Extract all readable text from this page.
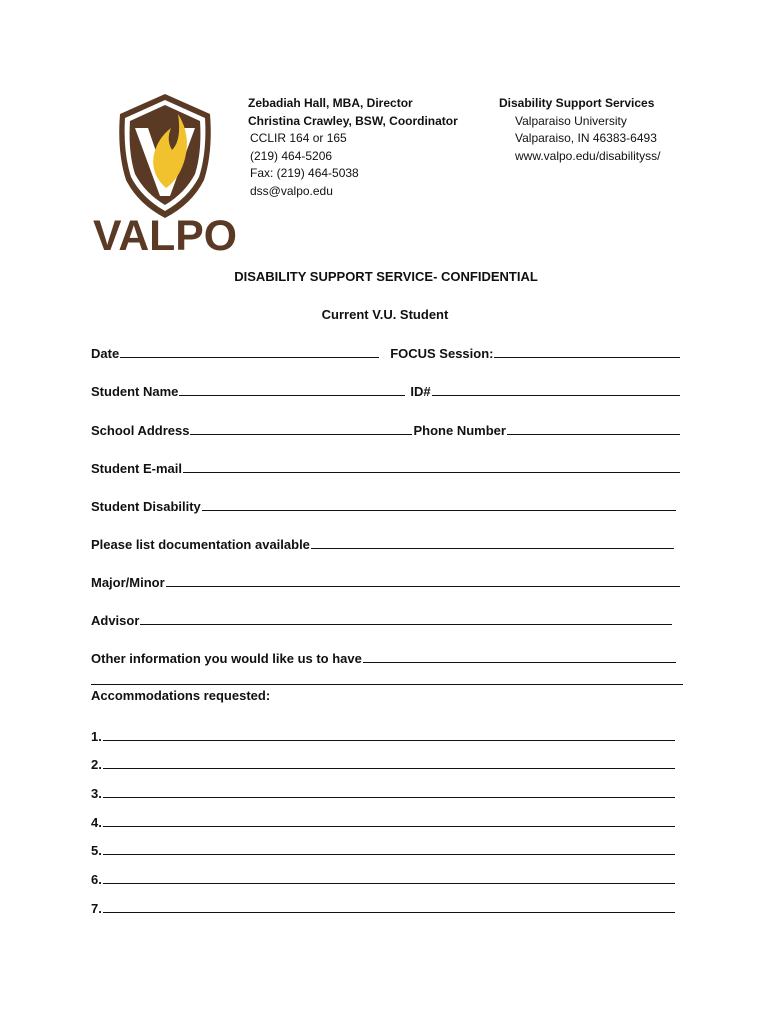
VALPO
Zebadiah Hall, MBA, Director
Christina Crawley, BSW, Coordinator
CCLIR 164 or 165
(219) 464-5206
Fax: (219) 464-5038
dss@valpo.edu
Disability Support Services
Valparaiso University
Valparaiso, IN 46383-6493
www.valpo.edu/disabilityss/
DISABILITY SUPPORT SERVICE- CONFIDENTIAL
Current V.U. Student
Date	FOCUS Session:
Student Name	ID#
School Address	Phone Number
Student E-mail
Student Disability
Please list documentation available
Major/Minor
Advisor
Other information you would like us to have
Accommodations requested:
1.
2.
3.
4.
5.
6.
7.
